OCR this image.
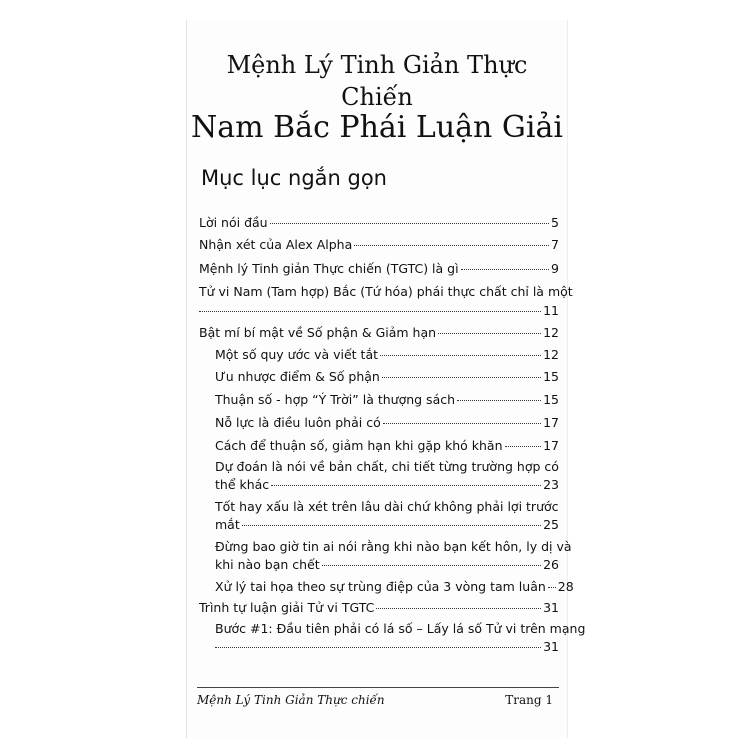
Mệnh Lý Tinh Giản Thực
Chiến
Nam Bắc Phái Luận Giải
Mục lục ngắn gọn
Lời nói đầu	5
Nhận xét của Alex Alpha	7
Mệnh lý Tinh giản Thực chiến (TGTC) là gì	9
Tử vi Nam (Tam hợp) Bắc (Tứ hóa) phái thực chất chỉ là một
11
Bật mí bí mật về Số phận & Giảm hạn	12
Một số quy ước và viết tắt	12
Ưu nhược điểm & Số phận	15
Thuận số - hợp “Ý Trời” là thượng sách	15
Nỗ lực là điều luôn phải có	17
Cách để thuận số, giảm hạn khi gặp khó khăn	17
Dự đoán là nói về bản chất, chi tiết từng trường hợp có
thể khác	23
Tốt hay xấu là xét trên lâu dài chứ không phải lợi trước
mắt	25
Đừng bao giờ tin ai nói rằng khi nào bạn kết hôn, ly dị và
khi nào bạn chết	26
Xử lý tai họa theo sự trùng điệp của 3 vòng tam luân 28
Trình tự luận giải Tử vi TGTC	31
Bước #1: Đầu tiên phải có lá số – Lấy lá số Tử vi trên mạng
31
Mệnh Lý Tinh Giản Thực chiến	Trang 1
